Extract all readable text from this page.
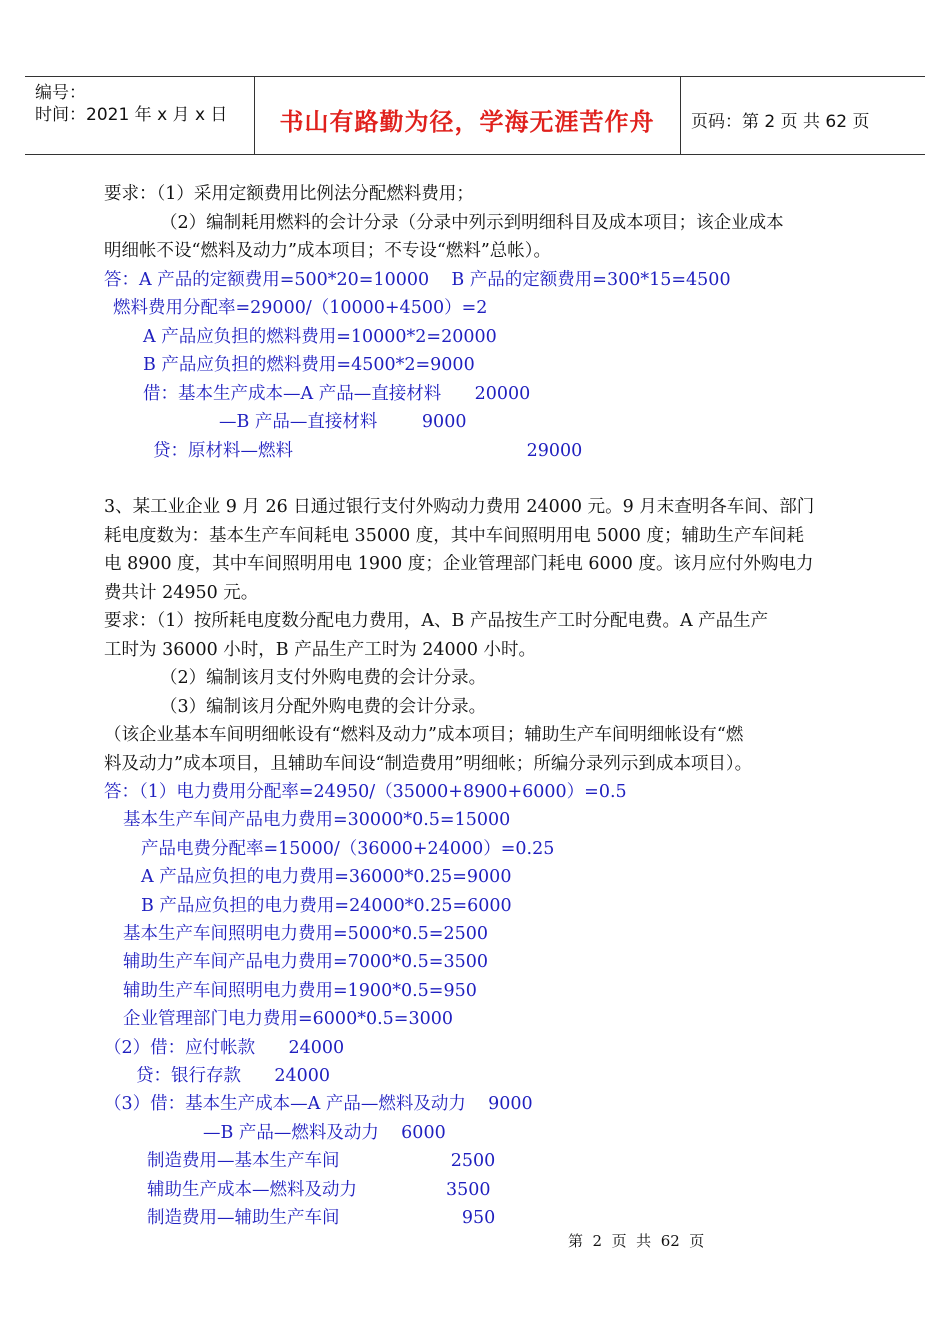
编号：
时间：2021 年 x 月 x 日	书山有路勤为径，学海无涯苦作舟	页码：第 2 页 共 62 页
要求：（1）采用定额费用比例法分配燃料费用；
（2）编制耗用燃料的会计分录（分录中列示到明细科目及成本项目；该企业成本
明细帐不设“燃料及动力”成本项目；不专设“燃料”总帐）。
答：A 产品的定额费用=500*20=10000    B 产品的定额费用=300*15=4500
燃料费用分配率=29000/（10000+4500）=2
A 产品应负担的燃料费用=10000*2=20000
B 产品应负担的燃料费用=4500*2=9000
借：基本生产成本—A 产品—直接材料      20000
—B 产品—直接材料        9000
贷：原材料—燃料                                          29000
3、某工业企业 9 月 26 日通过银行支付外购动力费用 24000 元。9 月末查明各车间、部门
耗电度数为：基本生产车间耗电 35000 度，其中车间照明用电 5000 度；辅助生产车间耗
电 8900 度，其中车间照明用电 1900 度；企业管理部门耗电 6000 度。该月应付外购电力
费共计 24950 元。
要求：（1）按所耗电度数分配电力费用，A、B 产品按生产工时分配电费。A 产品生产
工时为 36000 小时，B 产品生产工时为 24000 小时。
（2）编制该月支付外购电费的会计分录。
（3）编制该月分配外购电费的会计分录。
（该企业基本车间明细帐设有“燃料及动力”成本项目；辅助生产车间明细帐设有“燃
料及动力”成本项目，且辅助车间设“制造费用”明细帐；所编分录列示到成本项目）。
答：（1）电力费用分配率=24950/（35000+8900+6000）=0.5
基本生产车间产品电力费用=30000*0.5=15000
产品电费分配率=15000/（36000+24000）=0.25
A 产品应负担的电力费用=36000*0.25=9000
B 产品应负担的电力费用=24000*0.25=6000
基本生产车间照明电力费用=5000*0.5=2500
辅助生产车间产品电力费用=7000*0.5=3500
辅助生产车间照明电力费用=1900*0.5=950
企业管理部门电力费用=6000*0.5=3000
（2）借：应付帐款      24000
贷：银行存款      24000
（3）借：基本生产成本—A 产品—燃料及动力    9000
—B 产品—燃料及动力    6000
制造费用—基本生产车间                    2500
辅助生产成本—燃料及动力                3500
制造费用—辅助生产车间                      950
第  2  页  共  62  页
